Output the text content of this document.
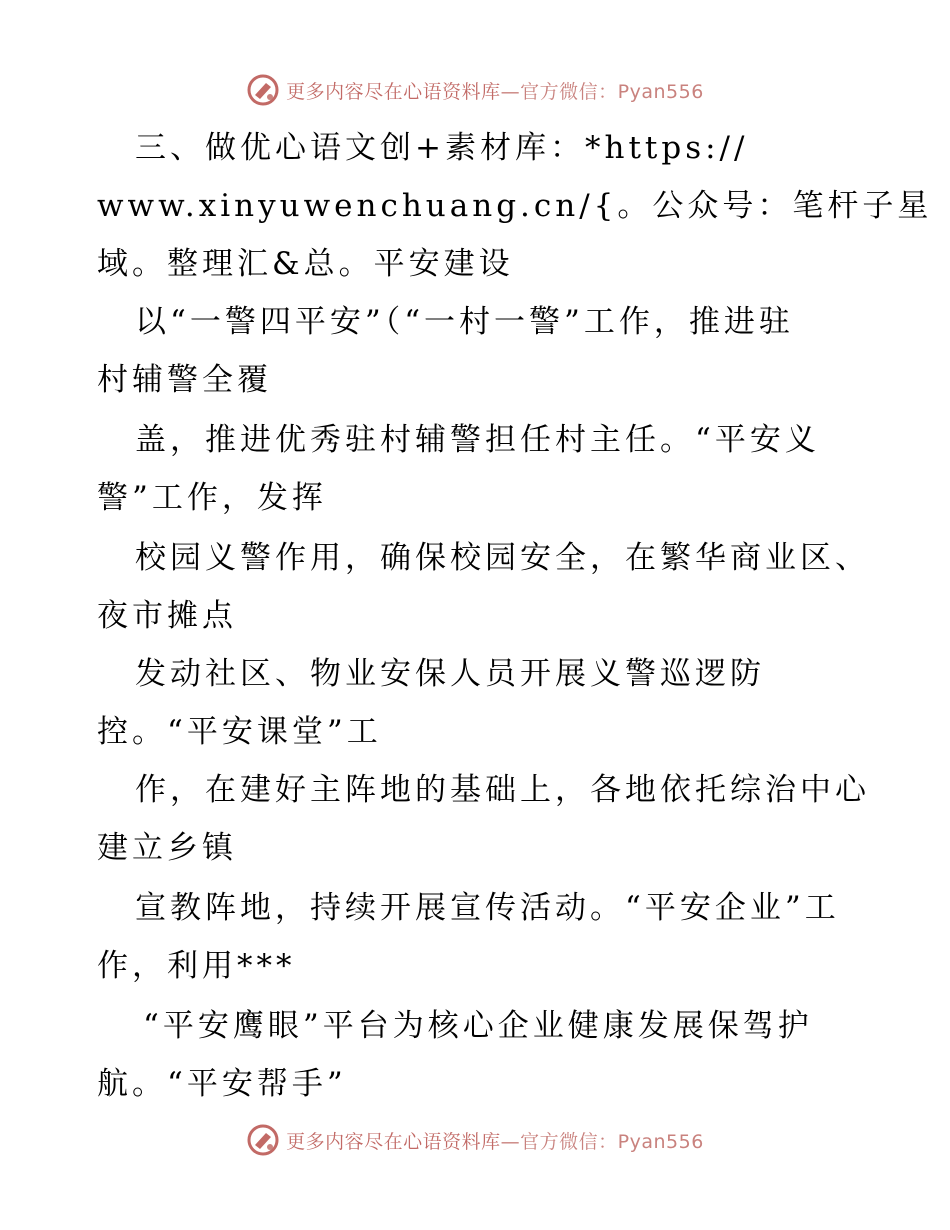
更多内容尽在心语资料库—官方微信：Pyan556
三、做优心语文创+素材库：*https://
www.xinyuwenchuang.cn/{。公众号：笔杆子星
域。整理汇&总。平安建设
以“一警四平安”（“一村一警”工作，推进驻
村辅警全覆
盖，推进优秀驻村辅警担任村主任。“平安义
警”工作，发挥
校园义警作用，确保校园安全，在繁华商业区、
夜市摊点
发动社区、物业安保人员开展义警巡逻防
控。“平安课堂”工
作，在建好主阵地的基础上，各地依托综治中心
建立乡镇
宣教阵地，持续开展宣传活动。“平安企业”工
作，利用***
“平安鹰眼”平台为核心企业健康发展保驾护
航。“平安帮手”
更多内容尽在心语资料库—官方微信：Pyan556
